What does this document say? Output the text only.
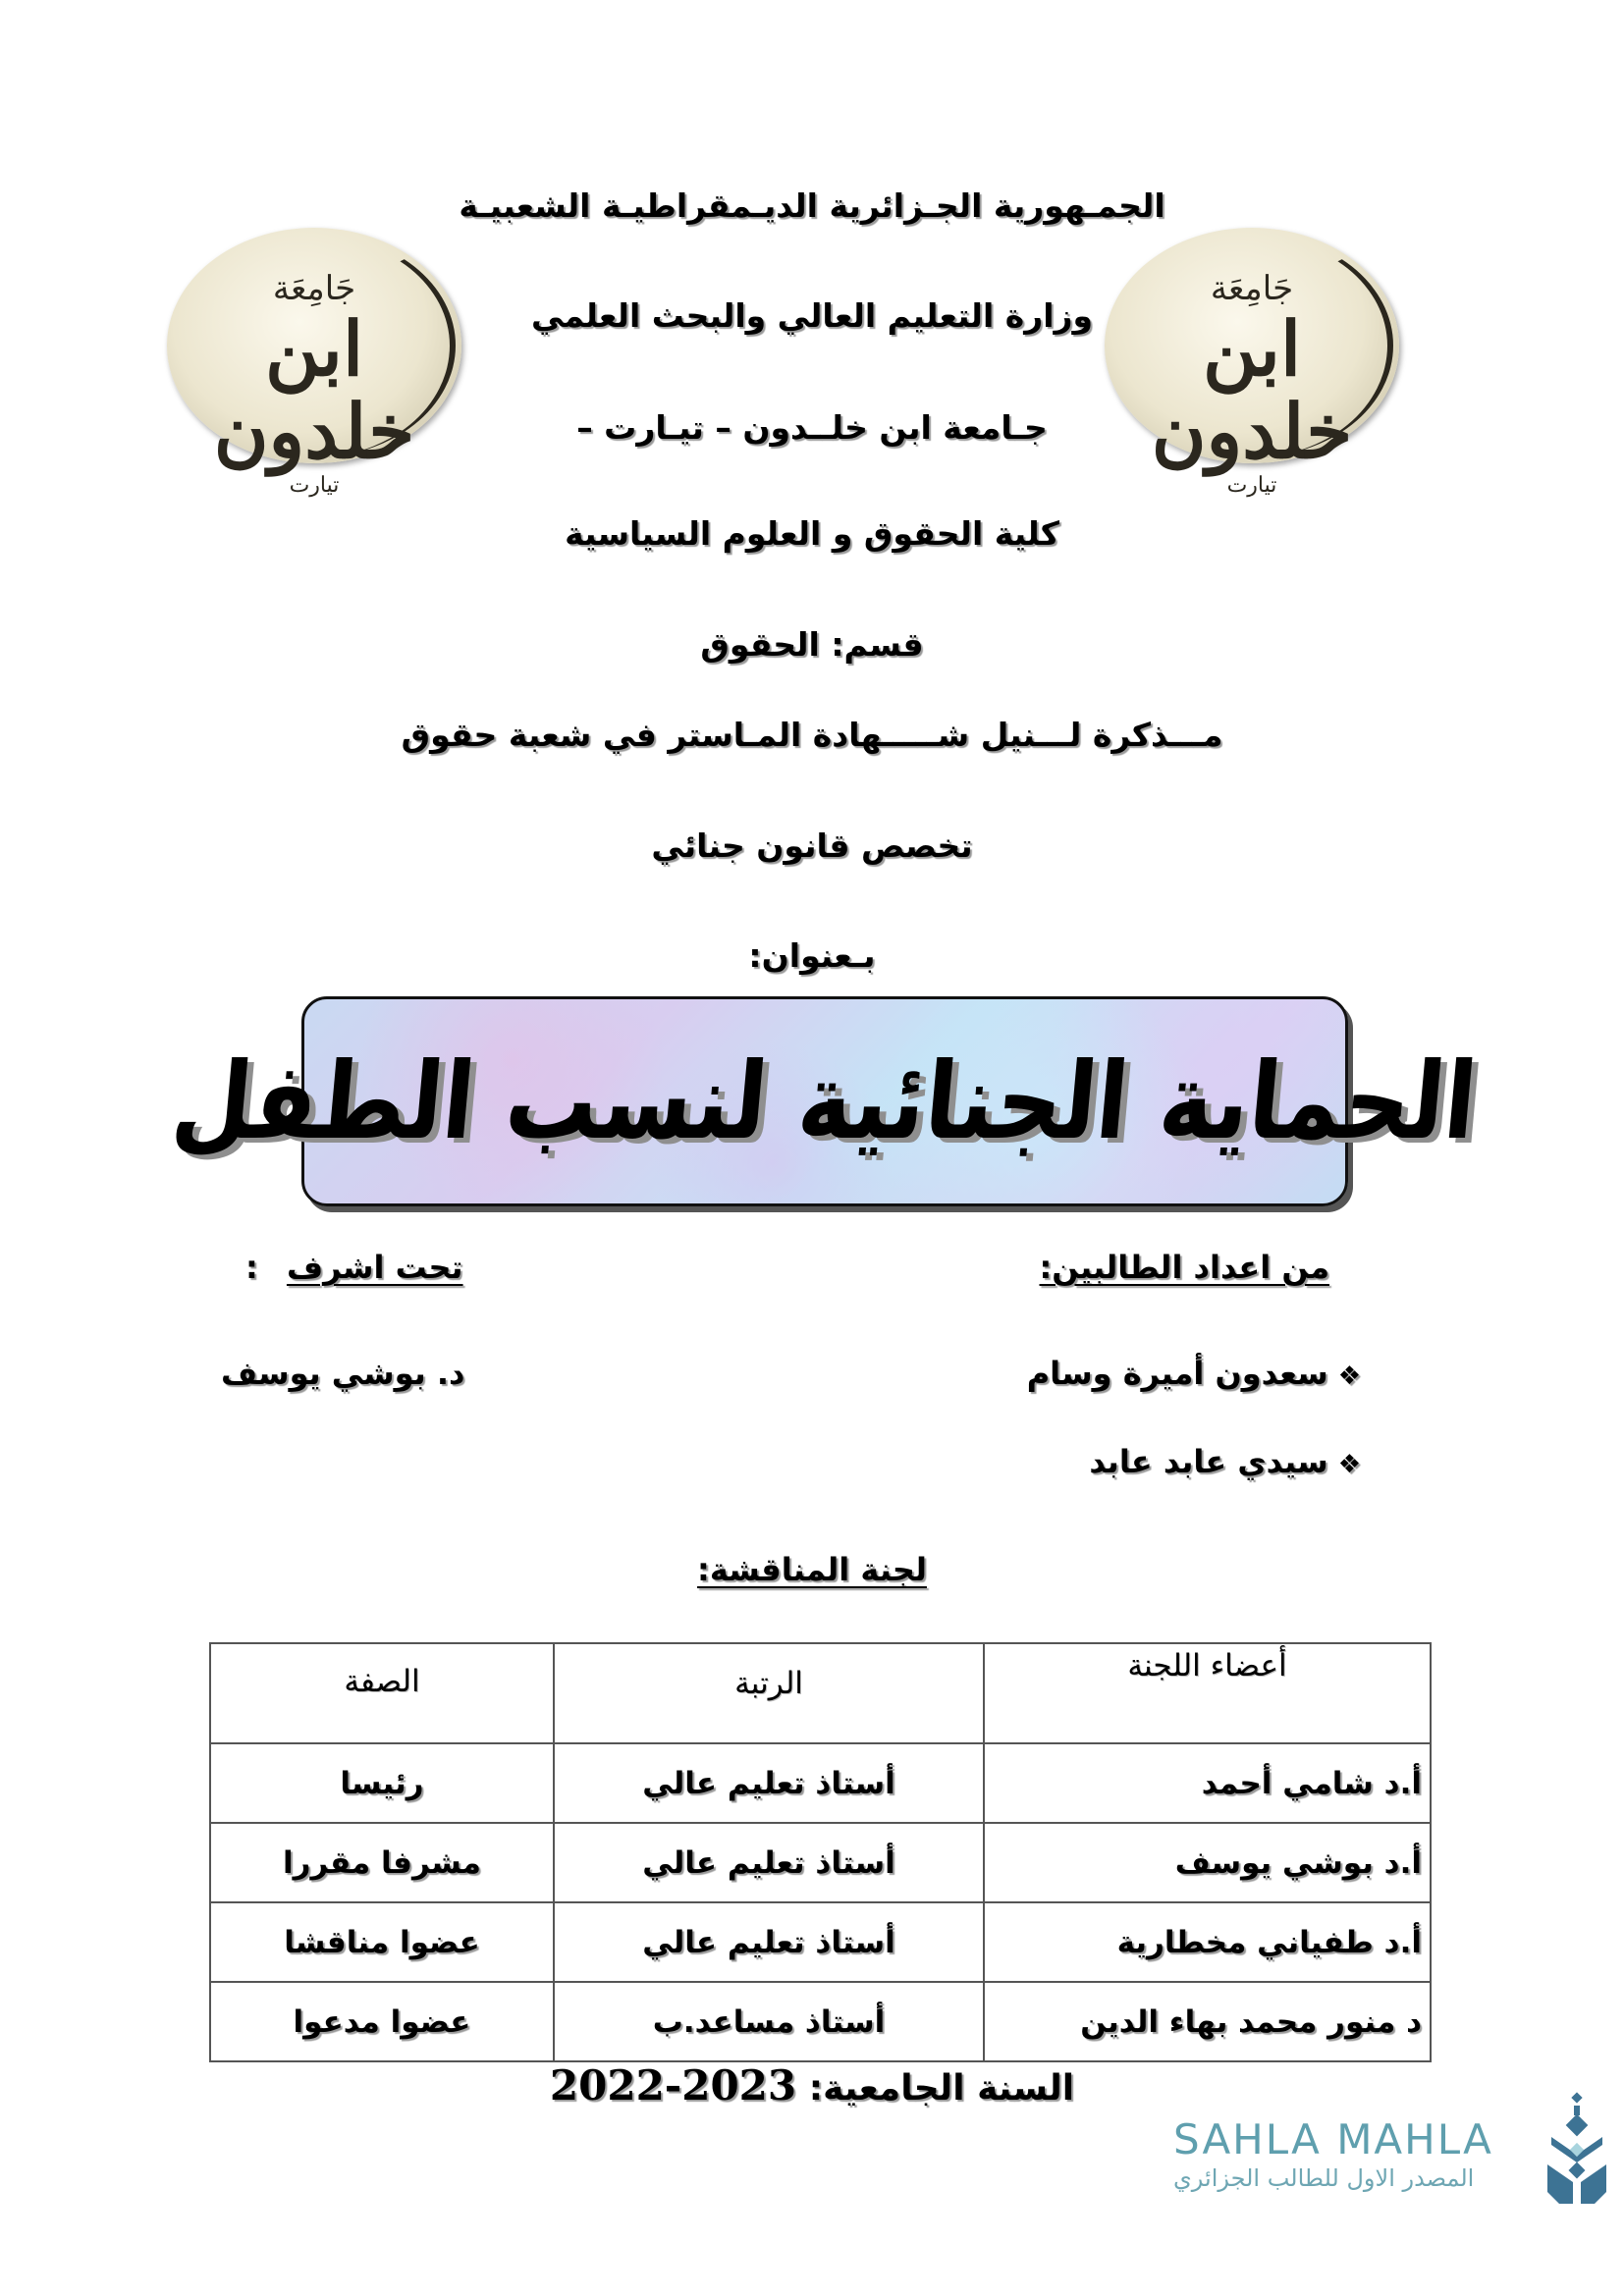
جَامِعَة
ابن خلدون
تيارت
جَامِعَة
ابن خلدون
تيارت
الجمـهورية الجـزائرية الديـمقراطيـة الشعبيـة
وزارة التعليم العالي والبحث العلمي
جـامعة ابن خلــدون – تيـارت –
كلية الحقوق و العلوم السياسية
قسم: الحقوق
مـــذكرة لـــنيل شـــــهادة المـاستر في شعبة حقوق
تخصص قانون جنائي
بـعنوان:
الحماية الجنائية لنسب الطفل
من اعداد الطالبين:
❖سعدون أميرة وسام
❖سيدي عابد عابد
تحت اشرف :
د. بوشي يوسف
لجنة المناقشة:
أعضاء اللجنة	الرتبة	الصفة
أ.د شامي أحمد	أستاذ تعليم عالي	رئيسا
أ.د بوشي يوسف	أستاذ تعليم عالي	مشرفا مقررا
أ.د طفياني مخطارية	أستاذ تعليم عالي	عضوا مناقشا
د منور محمد بهاء الدين	أستاذ مساعد.ب	عضوا مدعوا
السنة الجامعية: 2022-2023
SAHLA MAHLA
المصدر الاول للطالب الجزائري
